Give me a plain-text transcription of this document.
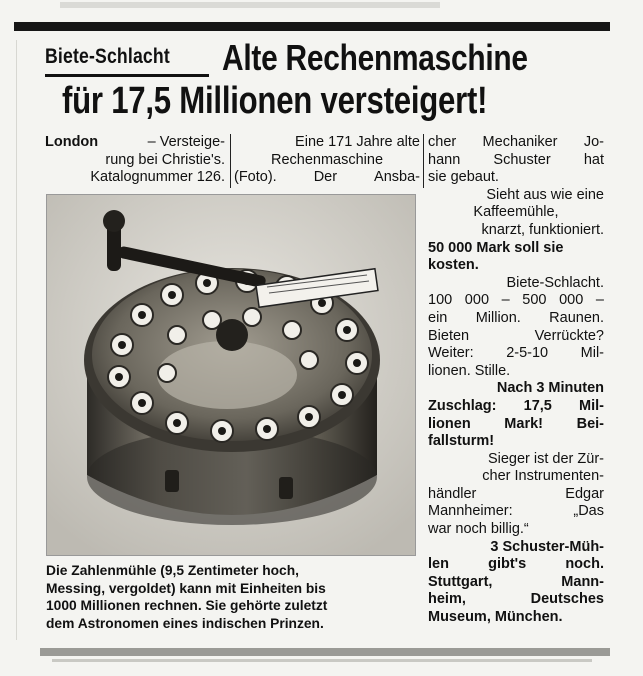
Biete-Schlacht	Alte Rechenmaschine
für 17,5 Millionen versteigert!
London	– Versteige-
rung bei Christie's.
Katalognummer 126.
Eine 171 Jahre alte
Rechenmaschine
(Foto).	Der	Ansba-
cher Mechaniker Jo-
hann Schuster hat
sie gebaut.
Sieht aus wie eine
Kaffeemühle,
knarzt, funktioniert.
50 000 Mark soll sie
kosten.
Biete-Schlacht.
100 000 – 500 000 –
ein Million. Raunen.
Bieten Verrückte?
Weiter: 2-5-10 Mil-
lionen. Stille.
Nach 3 Minuten
Zuschlag: 17,5 Mil-
lionen Mark! Bei-
fallsturm!
Sieger ist der Zür-
cher Instrumenten-
händler Edgar
Mannheimer: „Das
war noch billig.“
3 Schuster-Müh-
len gibt's noch.
Stuttgart, Mann-
heim, Deutsches
Museum, München.
Die Zahlenmühle (9,5 Zentimeter hoch,
Messing, vergoldet) kann mit Einheiten bis
1000 Millionen rechnen. Sie gehörte zuletzt
dem Astronomen eines indischen Prinzen.
